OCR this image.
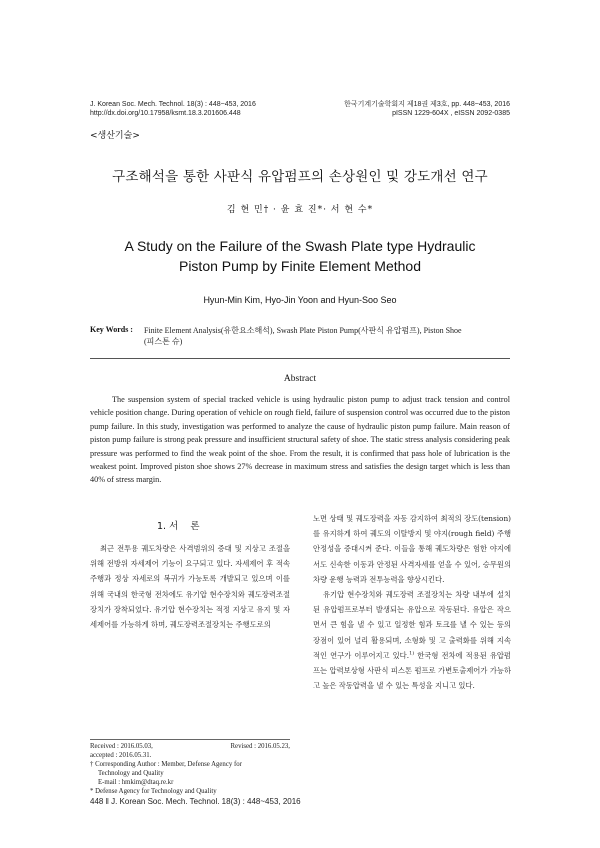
J. Korean Soc. Mech. Technol. 18(3) : 448~453, 2016
http://dx.doi.org/10.17958/ksmt.18.3.201606.448
한국기계기술학회지 제18권 제3호, pp. 448~453, 2016
pISSN 1229-604X , eISSN 2092-0385
<생산기술>
구조해석을 통한 사판식 유압펌프의 손상원인 및 강도개선 연구
김 현 민† · 윤 효 진*· 서 현 수*
A Study on the Failure of the Swash Plate type Hydraulic
Piston Pump by Finite Element Method
Hyun-Min Kim, Hyo-Jin Yoon and Hyun-Soo Seo
Key Words : Finite Element Analysis(유한요소해석), Swash Plate Piston Pump(사판식 유압펌프), Piston Shoe
(피스톤 슈)
Abstract

The suspension system of special tracked vehicle is using hydraulic piston pump to adjust track tension and control vehicle position change. During operation of vehicle on rough field, failure of suspension control was occurred due to the piston pump failure. In this study, investigation was performed to analyze the cause of hydraulic piston pump failure. Main reason of piston pump failure is strong peak pressure and insufficient structural safety of shoe. The static stress analysis considering peak pressure was performed to find the weak point of the shoe. From the result, it is confirmed that pass hole of lubrication is the weakest point. Improved piston shoe shows 27% decrease in maximum stress and satisfies the design target which is less than 40% of stress margin.

1. 서    론

최근 전투용 궤도차량은 사격범위의 증대 및 지상고 조절을 위해 전방위 자세제어 기능이 요구되고 있다. 자세제어 후 적속 주행과 정상 자세로의 복귀가 가능토록 개발되고 있으며 이를 위해 국내의 한국형 전차에도 유기압 현수장치와 궤도장력조절장치가 장착되었다. 유기압 현수장치는 적정 지상고 유지 및 자세제어를 가능하게 하며, 궤도장력조절장치는 주행도로의

노면 상태 및 궤도장력을 자동 감지하여 최적의 장도(tension)를 유지하게 하여 궤도의 이탈방지 및 야지(rough field) 주행 안정성을 증대시켜 준다. 이들을 통해 궤도차량은 험한 야지에서도 신속한 이동과 안정된 사격자세를 얻을 수 있어, 승무원의 차량 운행 능력과 전투능력을 향상시킨다.

유기압 현수장치와 궤도장력 조절장치는 차량 내부에 설치된 유압펌프로부터 발생되는 유압으로 작동된다. 유압은 작으면서 큰 힘을 낼 수 있고 일정한 힘과 토크를 낼 수 있는 등의 장점이 있어 널리 활용되며, 소형화 및 고 출력화를 위해 지속적인 연구가 이루어지고 있다.$^{1)}$ 한국형 전차에 적용된 유압펌프는 압력보상형 사판식 피스톤 펌프로 가변토출제어가 가능하고 높은 작동압력을 낼 수 있는 특성을 지니고 있다.

Received : 2016.05.03,	Revised : 2016.05.23,
accepted : 2016.05.31.
† Corresponding Author : Member, Defense Agency for
Technology and Quality
E-mail : hmkim@dtaq.re.kr
* Defense Agency for Technology and Quality
448 ǁ J. Korean Soc. Mech. Technol. 18(3) : 448~453, 2016
